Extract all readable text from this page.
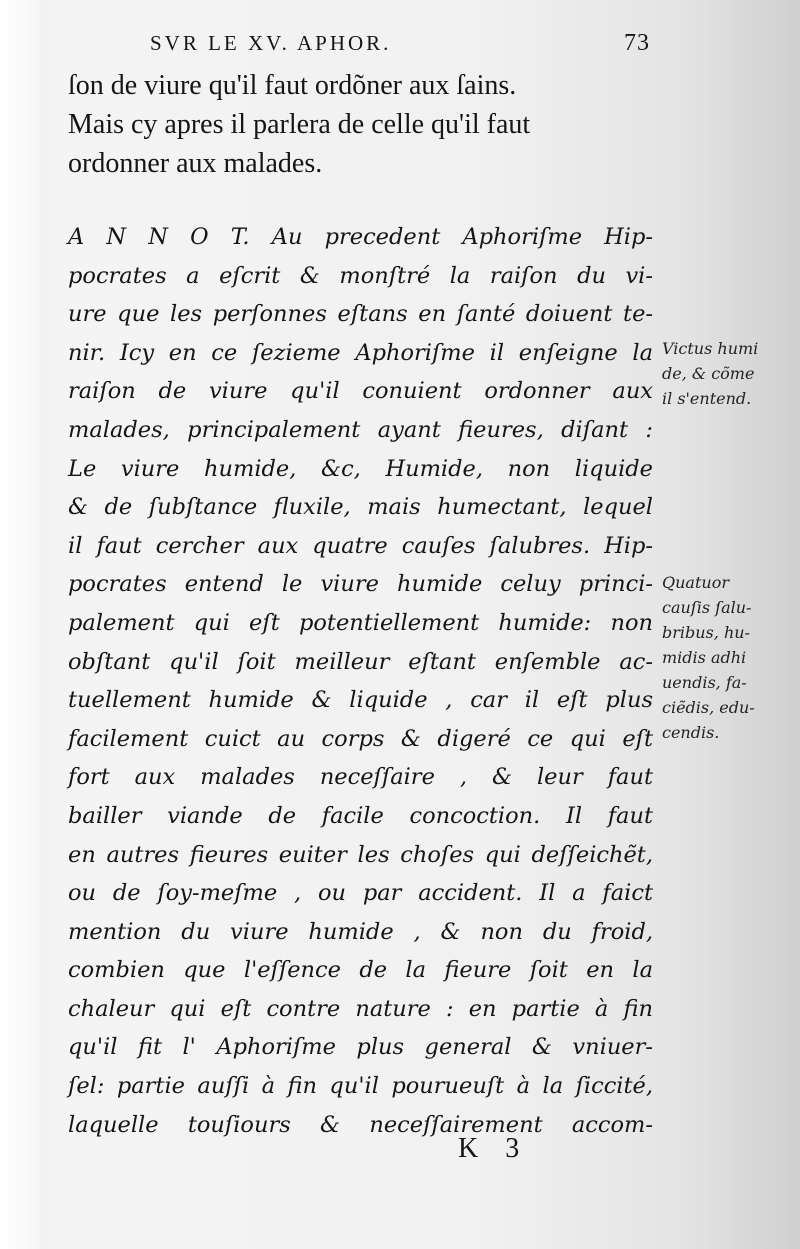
SVR LE XV. APHOR.	73
ſon de viure qu'il faut ordõner aux ſains.
Mais cy apres il parlera de celle qu'il faut
ordonner aux malades.
A N N O T. Au precedent Aphoriſme Hip-
pocrates a eſcrit & monſtré la raiſon du vi-
ure que les perſonnes eſtans en ſanté doiuent te-
nir. Icy en ce ſezieme Aphoriſme il enſeigne la
raiſon de viure qu'il conuient ordonner aux
malades, principalement ayant fieures, diſant :
Le viure humide, &c, Humide, non liquide
& de ſubſtance fluxile, mais humectant, lequel
il faut cercher aux quatre cauſes ſalubres. Hip-
pocrates entend le viure humide celuy princi-
palement qui eſt potentiellement humide: non
obſtant qu'il ſoit meilleur eſtant enſemble ac-
tuellement humide & liquide , car il eſt plus
facilement cuict au corps & digeré ce qui eſt
fort aux malades neceſſaire , & leur faut
bailler viande de facile concoction. Il faut
en autres fieures euiter les choſes qui deſſeichẽt,
ou de ſoy-meſme , ou par accident. Il a faict
mention du viure humide , & non du froid,
combien que l'eſſence de la fieure ſoit en la
chaleur qui eſt contre nature : en partie à fin
qu'il fit l' Aphoriſme plus general & vniuer-
ſel: partie auſſi à fin qu'il pourueuſt à la ſiccité,
laquelle touſiours & neceſſairement accom-
Victus humi
de, & cõme
il s'entend.
Quatuor
cauſis ſalu-
bribus, hu-
midis adhi
uendis, fa-
ciẽdis, edu-
cendis.
K 3
